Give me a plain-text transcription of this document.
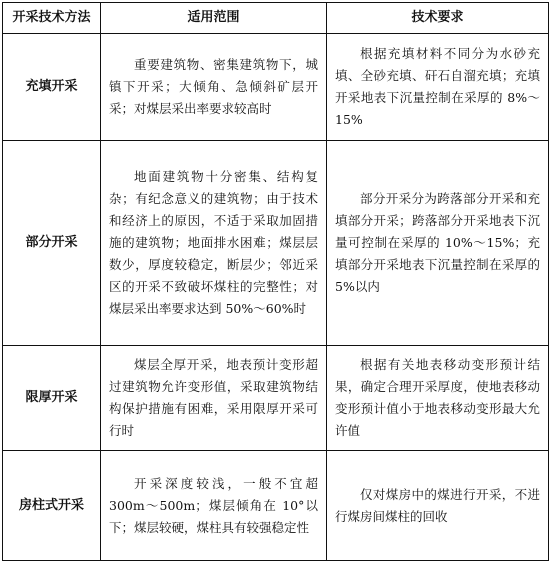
开采技术方法	适用范围	技术要求
充填开采	重要建筑物、密集建筑物下，城镇下开采；大倾角、急倾斜矿层开采；对煤层采出率要求较高时	根据充填材料不同分为水砂充填、全砂充填、矸石自溜充填；充填开采地表下沉量控制在采厚的 8%～15%
部分开采	地面建筑物十分密集、结构复杂；有纪念意义的建筑物；由于技术和经济上的原因，不适于采取加固措施的建筑物；地面排水困难；煤层层数少，厚度较稳定，断层少；邻近采区的开采不致破坏煤柱的完整性；对煤层采出率要求达到 50%～60%时	部分开采分为跨落部分开采和充填部分开采；跨落部分开采地表下沉量可控制在采厚的 10%～15%；充填部分开采地表下沉量控制在采厚的 5%以内
限厚开采	煤层全厚开采，地表预计变形超过建筑物允许变形值，采取建筑物结构保护措施有困难，采用限厚开采可行时	根据有关地表移动变形预计结果，确定合理开采厚度，使地表移动变形预计值小于地表移动变形最大允许值
房柱式开采	开采深度较浅，一般不宜超 300m～500m；煤层倾角在 10°以下；煤层较硬，煤柱具有较强稳定性	仅对煤房中的煤进行开采，不进行煤房间煤柱的回收
